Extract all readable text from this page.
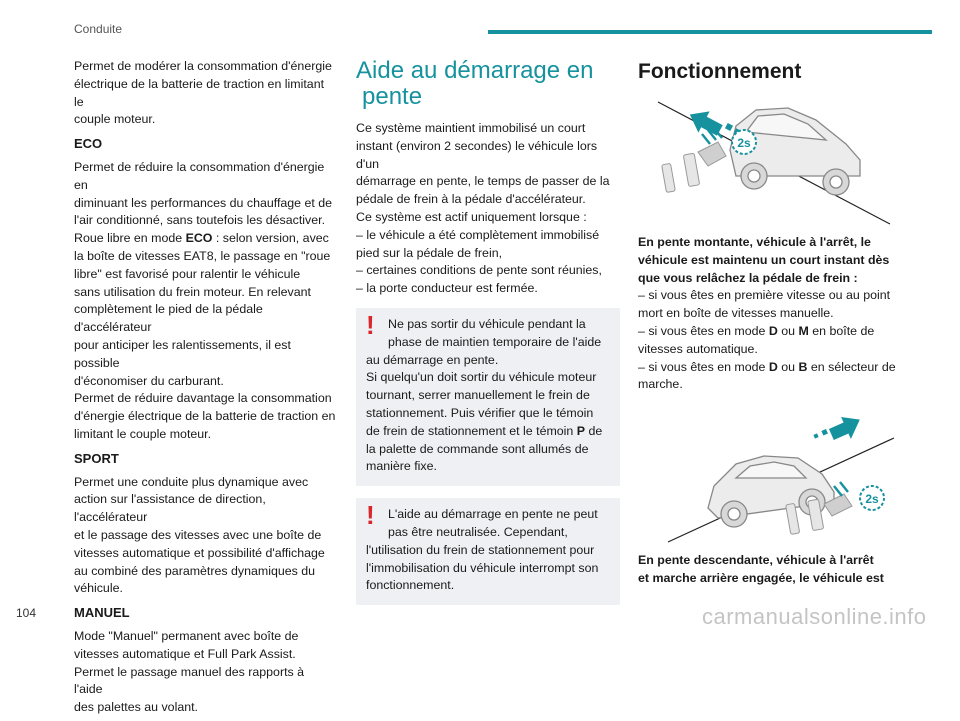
Conduite

Permet de modérer la consommation d'énergie
électrique de la batterie de traction en limitant le
couple moteur.

ECO

Permet de réduire la consommation d'énergie en
diminuant les performances du chauffage et de
l'air conditionné, sans toutefois les désactiver.
Roue libre en mode ECO : selon version, avec
la boîte de vitesses EAT8, le passage en "roue
libre" est favorisé pour ralentir le véhicule
sans utilisation du frein moteur. En relevant
complètement le pied de la pédale d'accélérateur
pour anticiper les ralentissements, il est possible
d'économiser du carburant.
Permet de réduire davantage la consommation
d'énergie électrique de la batterie de traction en
limitant le couple moteur.

SPORT

Permet une conduite plus dynamique avec
action sur l'assistance de direction, l'accélérateur
et le passage des vitesses avec une boîte de
vitesses automatique et possibilité d'affichage
au combiné des paramètres dynamiques du
véhicule.

MANUEL

Mode "Manuel" permanent avec boîte de
vitesses automatique et Full Park Assist.
Permet le passage manuel des rapports à l'aide
des palettes au volant.

Aide au démarrage en
pente

Ce système maintient immobilisé un court
instant (environ 2 secondes) le véhicule lors d'un
démarrage en pente, le temps de passer de la
pédale de frein à la pédale d'accélérateur.
Ce système est actif uniquement lorsque :
– le véhicule a été complètement immobilisé
pied sur la pédale de frein,
– certaines conditions de pente sont réunies,
– la porte conducteur est fermée.

!	Ne pas sortir du véhicule pendant la
phase de maintien temporaire de l'aide
au démarrage en pente.
Si quelqu'un doit sortir du véhicule moteur
tournant, serrer manuellement le frein de
stationnement. Puis vérifier que le témoin
de frein de stationnement et le témoin P de
la palette de commande sont allumés de
manière fixe.
!	L'aide au démarrage en pente ne peut
pas être neutralisée. Cependant,
l'utilisation du frein de stationnement pour
l'immobilisation du véhicule interrompt son
fonctionnement.
Fonctionnement
2s

En pente montante, véhicule à l'arrêt, le
véhicule est maintenu un court instant dès
que vous relâchez la pédale de frein :
– si vous êtes en première vitesse ou au point
mort en boîte de vitesses manuelle.
– si vous êtes en mode D ou M en boîte de
vitesses automatique.
– si vous êtes en mode D ou B en sélecteur de
marche.

2s

En pente descendante, véhicule à l'arrêt
et marche arrière engagée, le véhicule est

104	carmanualsonline.info
